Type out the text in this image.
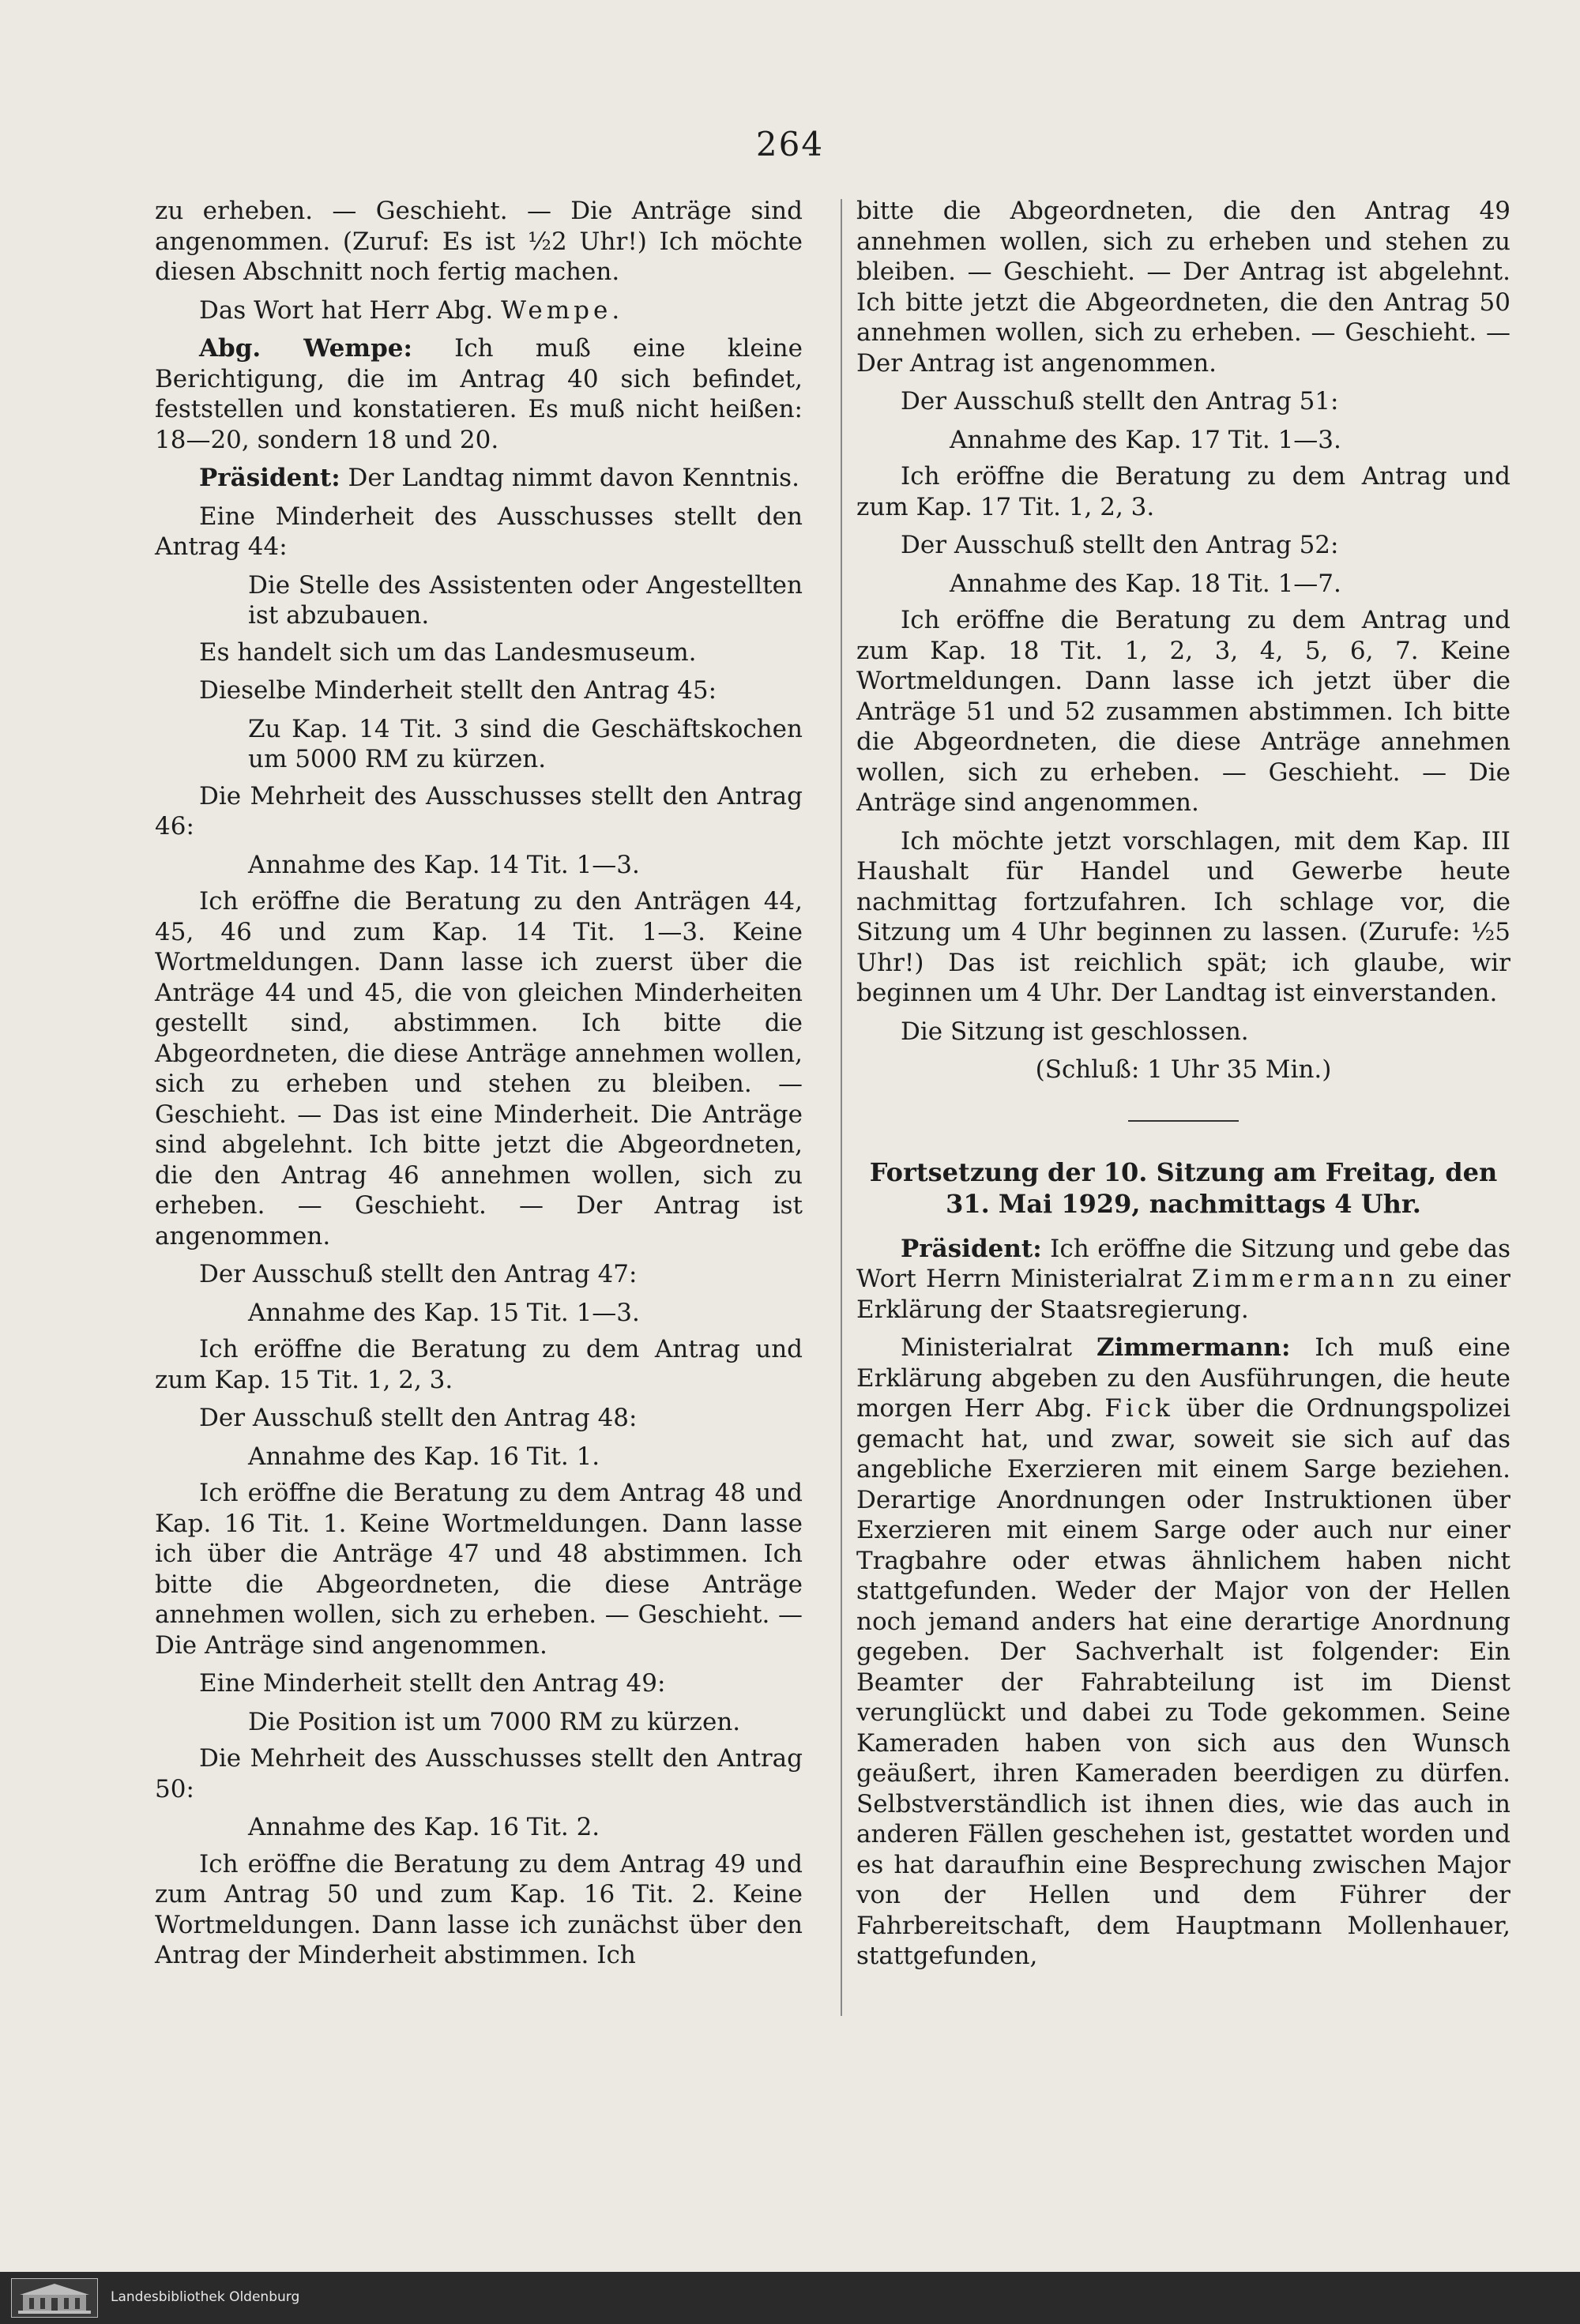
264
zu erheben. — Geschieht. — Die Anträge sind angenommen. (Zuruf: Es ist ½2 Uhr!) Ich möchte diesen Abschnitt noch fertig machen.
Das Wort hat Herr Abg. Wempe.
Abg. Wempe: Ich muß eine kleine Berichtigung, die im Antrag 40 sich befindet, feststellen und konstatieren. Es muß nicht heißen: 18—20, sondern 18 und 20.
Präsident: Der Landtag nimmt davon Kenntnis.
Eine Minderheit des Ausschusses stellt den Antrag 44:
Die Stelle des Assistenten oder Angestellten ist abzubauen.
Es handelt sich um das Landesmuseum.
Dieselbe Minderheit stellt den Antrag 45:
Zu Kap. 14 Tit. 3 sind die Geschäftskochen um 5000 RM zu kürzen.
Die Mehrheit des Ausschusses stellt den Antrag 46:
Annahme des Kap. 14 Tit. 1—3.
Ich eröffne die Beratung zu den Anträgen 44, 45, 46 und zum Kap. 14 Tit. 1—3. Keine Wortmeldungen. Dann lasse ich zuerst über die Anträge 44 und 45, die von gleichen Minderheiten gestellt sind, abstimmen. Ich bitte die Abgeordneten, die diese Anträge annehmen wollen, sich zu erheben und stehen zu bleiben. — Geschieht. — Das ist eine Minderheit. Die Anträge sind abgelehnt. Ich bitte jetzt die Abgeordneten, die den Antrag 46 annehmen wollen, sich zu erheben. — Geschieht. — Der Antrag ist angenommen.
Der Ausschuß stellt den Antrag 47:
Annahme des Kap. 15 Tit. 1—3.
Ich eröffne die Beratung zu dem Antrag und zum Kap. 15 Tit. 1, 2, 3.
Der Ausschuß stellt den Antrag 48:
Annahme des Kap. 16 Tit. 1.
Ich eröffne die Beratung zu dem Antrag 48 und Kap. 16 Tit. 1. Keine Wortmeldungen. Dann lasse ich über die Anträge 47 und 48 abstimmen. Ich bitte die Abgeordneten, die diese Anträge annehmen wollen, sich zu erheben. — Geschieht. — Die Anträge sind angenommen.
Eine Minderheit stellt den Antrag 49:
Die Position ist um 7000 RM zu kürzen.
Die Mehrheit des Ausschusses stellt den Antrag 50:
Annahme des Kap. 16 Tit. 2.
Ich eröffne die Beratung zu dem Antrag 49 und zum Antrag 50 und zum Kap. 16 Tit. 2. Keine Wortmeldungen. Dann lasse ich zunächst über den Antrag der Minderheit abstimmen. Ich
bitte die Abgeordneten, die den Antrag 49 annehmen wollen, sich zu erheben und stehen zu bleiben. — Geschieht. — Der Antrag ist abgelehnt. Ich bitte jetzt die Abgeordneten, die den Antrag 50 annehmen wollen, sich zu erheben. — Geschieht. — Der Antrag ist angenommen.
Der Ausschuß stellt den Antrag 51:
Annahme des Kap. 17 Tit. 1—3.
Ich eröffne die Beratung zu dem Antrag und zum Kap. 17 Tit. 1, 2, 3.
Der Ausschuß stellt den Antrag 52:
Annahme des Kap. 18 Tit. 1—7.
Ich eröffne die Beratung zu dem Antrag und zum Kap. 18 Tit. 1, 2, 3, 4, 5, 6, 7. Keine Wortmeldungen. Dann lasse ich jetzt über die Anträge 51 und 52 zusammen abstimmen. Ich bitte die Abgeordneten, die diese Anträge annehmen wollen, sich zu erheben. — Geschieht. — Die Anträge sind angenommen.
Ich möchte jetzt vorschlagen, mit dem Kap. III Haushalt für Handel und Gewerbe heute nachmittag fortzufahren. Ich schlage vor, die Sitzung um 4 Uhr beginnen zu lassen. (Zurufe: ½5 Uhr!) Das ist reichlich spät; ich glaube, wir beginnen um 4 Uhr. Der Landtag ist einverstanden.
Die Sitzung ist geschlossen.
(Schluß: 1 Uhr 35 Min.)
Fortsetzung der 10. Sitzung am Freitag, den 31. Mai 1929, nachmittags 4 Uhr.
Präsident: Ich eröffne die Sitzung und gebe das Wort Herrn Ministerialrat Zimmermann zu einer Erklärung der Staatsregierung.
Ministerialrat Zimmermann: Ich muß eine Erklärung abgeben zu den Ausführungen, die heute morgen Herr Abg. Fick über die Ordnungspolizei gemacht hat, und zwar, soweit sie sich auf das angebliche Exerzieren mit einem Sarge beziehen. Derartige Anordnungen oder Instruktionen über Exerzieren mit einem Sarge oder auch nur einer Tragbahre oder etwas ähnlichem haben nicht stattgefunden. Weder der Major von der Hellen noch jemand anders hat eine derartige Anordnung gegeben. Der Sachverhalt ist folgender: Ein Beamter der Fahrabteilung ist im Dienst verunglückt und dabei zu Tode gekommen. Seine Kameraden haben von sich aus den Wunsch geäußert, ihren Kameraden beerdigen zu dürfen. Selbstverständlich ist ihnen dies, wie das auch in anderen Fällen geschehen ist, gestattet worden und es hat daraufhin eine Besprechung zwischen Major von der Hellen und dem Führer der Fahrbereitschaft, dem Hauptmann Mollenhauer, stattgefunden,
Landesbibliothek Oldenburg
